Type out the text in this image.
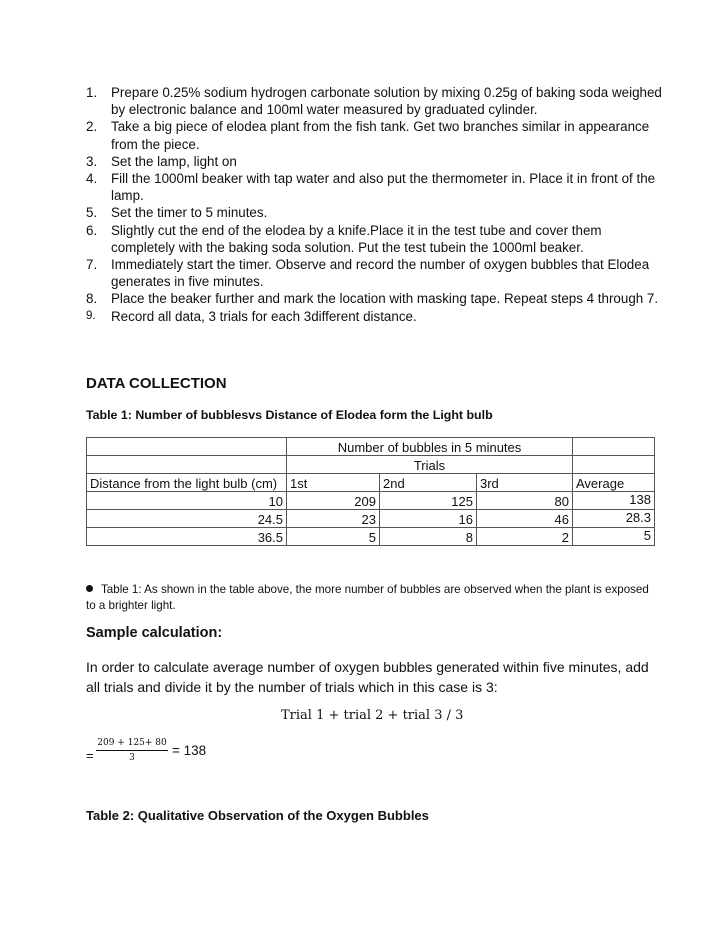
1. Prepare 0.25% sodium hydrogen carbonate solution by mixing 0.25g of baking soda weighed by electronic balance and 100ml water measured by graduated cylinder.
2. Take a big piece of elodea plant from the fish tank. Get two branches similar in appearance from the piece.
3. Set the lamp, light on
4. Fill the 1000ml beaker with tap water and also put the thermometer in. Place it in front of the lamp.
5. Set the timer to 5 minutes.
6. Slightly cut the end of the elodea by a knife.Place it in the test tube and cover them completely with the baking soda solution. Put the test tubein the 1000ml beaker.
7. Immediately start the timer. Observe and record the number of oxygen bubbles that Elodea generates in five minutes.
8. Place the beaker further and mark the location with masking tape. Repeat steps 4 through 7.
9. Record all data, 3 trials for each 3different distance.
DATA COLLECTION
Table 1: Number of bubblesvs Distance of Elodea form the Light bulb
	Number of bubbles in 5 minutes			
	Trials			
Distance from the light bulb (cm)	1st	2nd	3rd	Average
10	209	125	80	138
24.5	23	16	46	28.3
36.5	5	8	2	5
Table 1: As shown in the table above, the more number of bubbles are observed when the plant is exposed to a brighter light.
Sample calculation:
In order to calculate average number of oxygen bubbles generated within five minutes, add all trials and divide it by the number of trials which in this case is 3:
Trial 1 + trial 2 + trial 3 / 3
= $\frac{209 + 125+ 80}{3} = 138$
Table 2: Qualitative Observation of the Oxygen Bubbles
